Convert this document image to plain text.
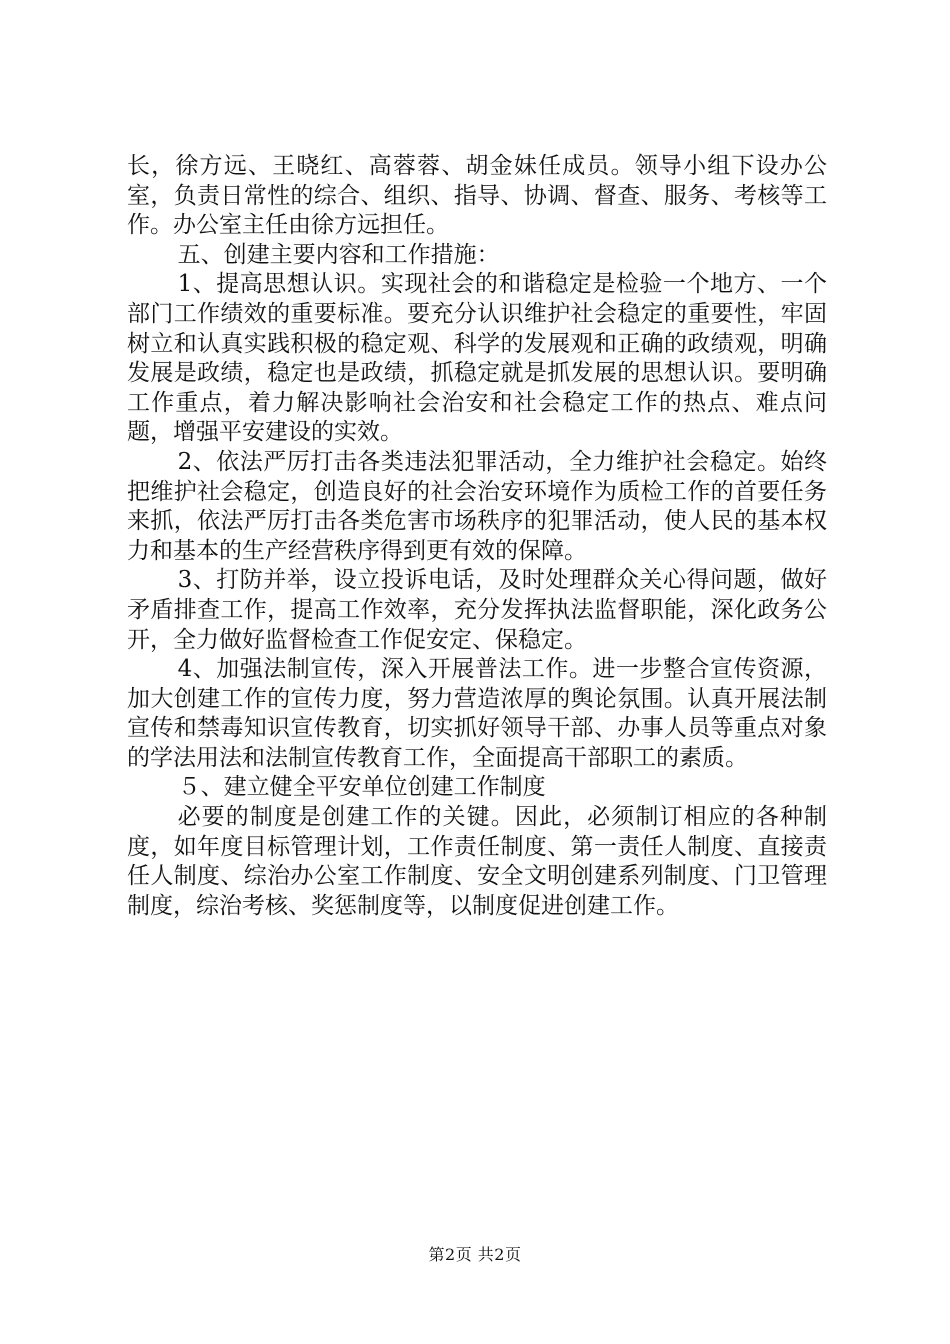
长，徐方远、王晓红、高蓉蓉、胡金妹任成员。领导小组下设办公室，负责日常性的综合、组织、指导、协调、督查、服务、考核等工作。办公室主任由徐方远担任。

五、创建主要内容和工作措施：

1、提高思想认识。实现社会的和谐稳定是检验一个地方、一个部门工作绩效的重要标准。要充分认识维护社会稳定的重要性，牢固树立和认真实践积极的稳定观、科学的发展观和正确的政绩观，明确发展是政绩，稳定也是政绩，抓稳定就是抓发展的思想认识。要明确工作重点，着力解决影响社会治安和社会稳定工作的热点、难点问题，增强平安建设的实效。

2、依法严厉打击各类违法犯罪活动，全力维护社会稳定。始终把维护社会稳定，创造良好的社会治安环境作为质检工作的首要任务来抓，依法严厉打击各类危害市场秩序的犯罪活动，使人民的基本权力和基本的生产经营秩序得到更有效的保障。

3、打防并举，设立投诉电话，及时处理群众关心得问题，做好矛盾排查工作，提高工作效率，充分发挥执法监督职能，深化政务公开，全力做好监督检查工作促安定、保稳定。

4、加强法制宣传，深入开展普法工作。进一步整合宣传资源，加大创建工作的宣传力度，努力营造浓厚的舆论氛围。认真开展法制宣传和禁毒知识宣传教育，切实抓好领导干部、办事人员等重点对象的学法用法和法制宣传教育工作，全面提高干部职工的素质。

５、建立健全平安单位创建工作制度

必要的制度是创建工作的关键。因此，必须制订相应的各种制度，如年度目标管理计划，工作责任制度、第一责任人制度、直接责任人制度、综治办公室工作制度、安全文明创建系列制度、门卫管理制度，综治考核、奖惩制度等，以制度促进创建工作。

第2页 共2页
